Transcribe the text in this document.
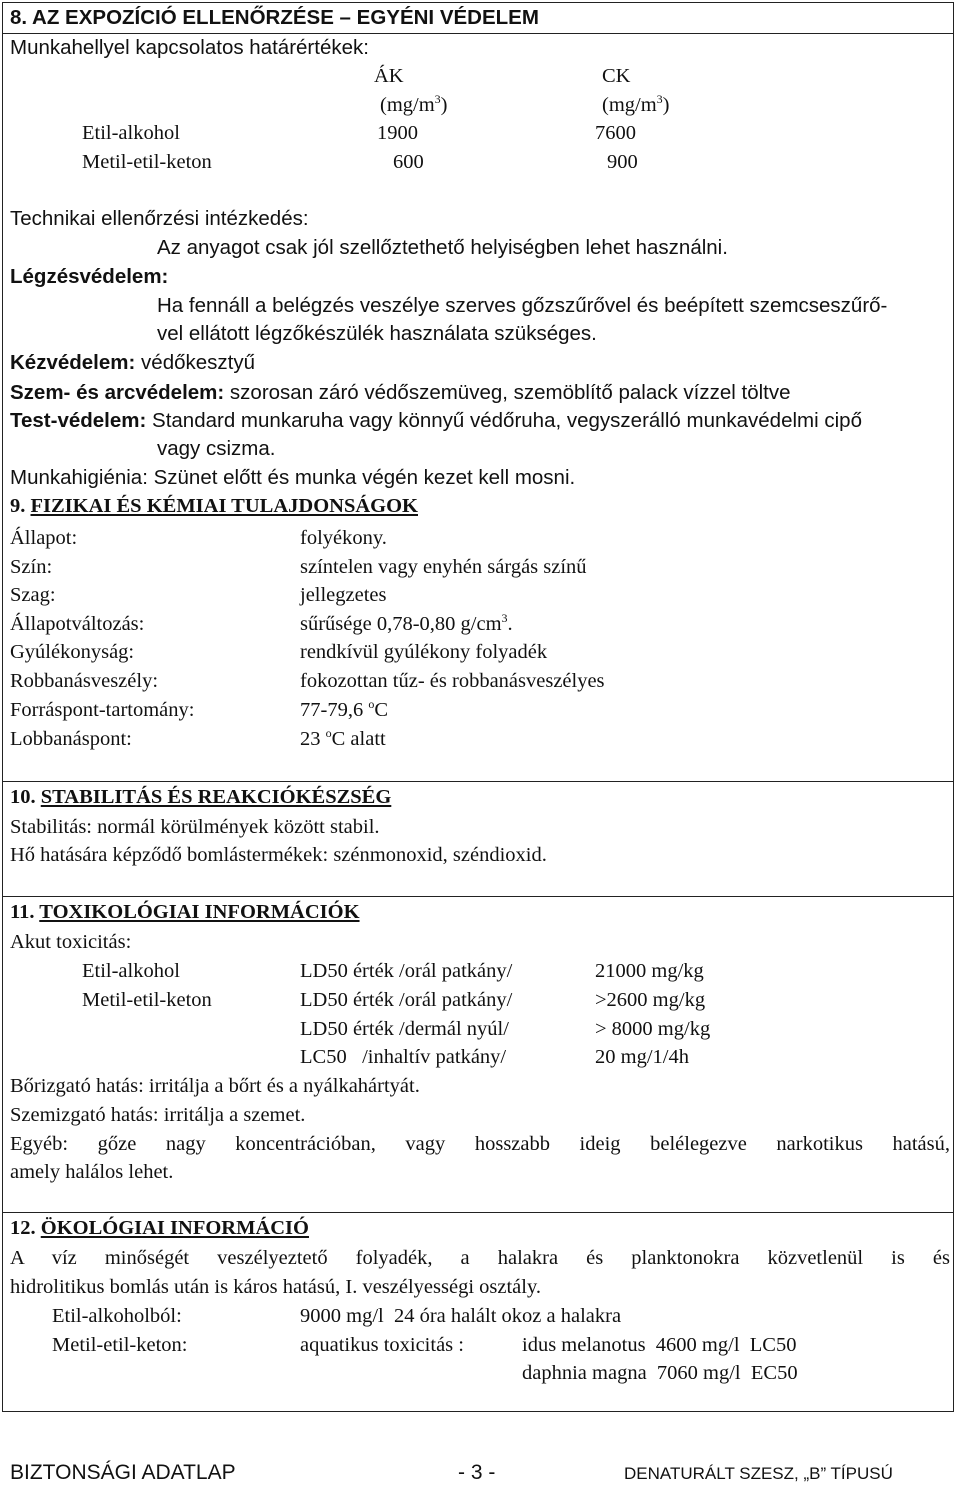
8. AZ EXPOZÍCIÓ ELLENŐRZÉSE – EGYÉNI VÉDELEM
Munkahellyel kapcsolatos határértékek:
ÁK	CK
$(mg/m^3)$	$(mg/m^3)$
Etil-alkohol	1900	7600
Metil-etil-keton	600	900
Technikai ellenőrzési intézkedés:
Az anyagot csak jól szellőztethető helyiségben lehet használni.
Légzésvédelem:
Ha fennáll a belégzés veszélye szerves gőzszűrővel és beépített szemcseszűrő-
vel ellátott légzőkészülék használata szükséges.
Kézvédelem: védőkesztyű
Szem- és arcvédelem: szorosan záró védőszemüveg, szemöblítő palack vízzel töltve
Test-védelem: Standard munkaruha vagy könnyű védőruha, vegyszerálló munkavédelmi cipő
vagy csizma.
Munkahigiénia: Szünet előtt és munka végén kezet kell mosni.
9. FIZIKAI ÉS KÉMIAI TULAJDONSÁGOK
Állapot:	folyékony.
Szín:	színtelen vagy enyhén sárgás színű
Szag:	jellegzetes
Állapotváltozás:	sűrűsége 0,78-0,80 $g/cm^3$.
Gyúlékonyság:	rendkívül gyúlékony folyadék
Robbanásveszély:	fokozottan tűz- és robbanásveszélyes
Forráspont-tartomány:	77-79,6 $^o$C
Lobbanáspont:	23 $^o$C alatt
10. STABILITÁS ÉS REAKCIÓKÉSZSÉG
Stabilitás: normál körülmények között stabil.
Hő hatására képződő bomlástermékek: szénmonoxid, széndioxid.
11. TOXIKOLÓGIAI INFORMÁCIÓK
Akut toxicitás:
Etil-alkohol	LD50 érték /orál patkány/	21000 mg/kg
Metil-etil-keton	LD50 érték /orál patkány/	>2600 mg/kg
LD50 érték /dermál nyúl/	> 8000 mg/kg
LC50   /inhaltív patkány/	20 mg/1/4h
Bőrizgató hatás: irritálja a bőrt és a nyálkahártyát.
Szemizgató hatás: irritálja a szemet.
Egyéb: gőze nagy koncentrációban, vagy hosszabb ideig belélegezve narkotikus hatású,
amely halálos lehet.
12. ÖKOLÓGIAI INFORMÁCIÓ
A víz minőségét veszélyeztető folyadék, a halakra és planktonokra közvetlenül is és
hidrolitikus bomlás után is káros hatású, I. veszélyességi osztály.
Etil-alkoholból:	9000 mg/l  24 óra halált okoz a halakra
Metil-etil-keton:	aquatikus toxicitás :	idus melanotus  4600 mg/l  LC50
daphnia magna  7060 mg/l  EC50
BIZTONSÁGI ADATLAP	- 3 -	DENATURÁLT SZESZ, „B” TÍPUSÚ
